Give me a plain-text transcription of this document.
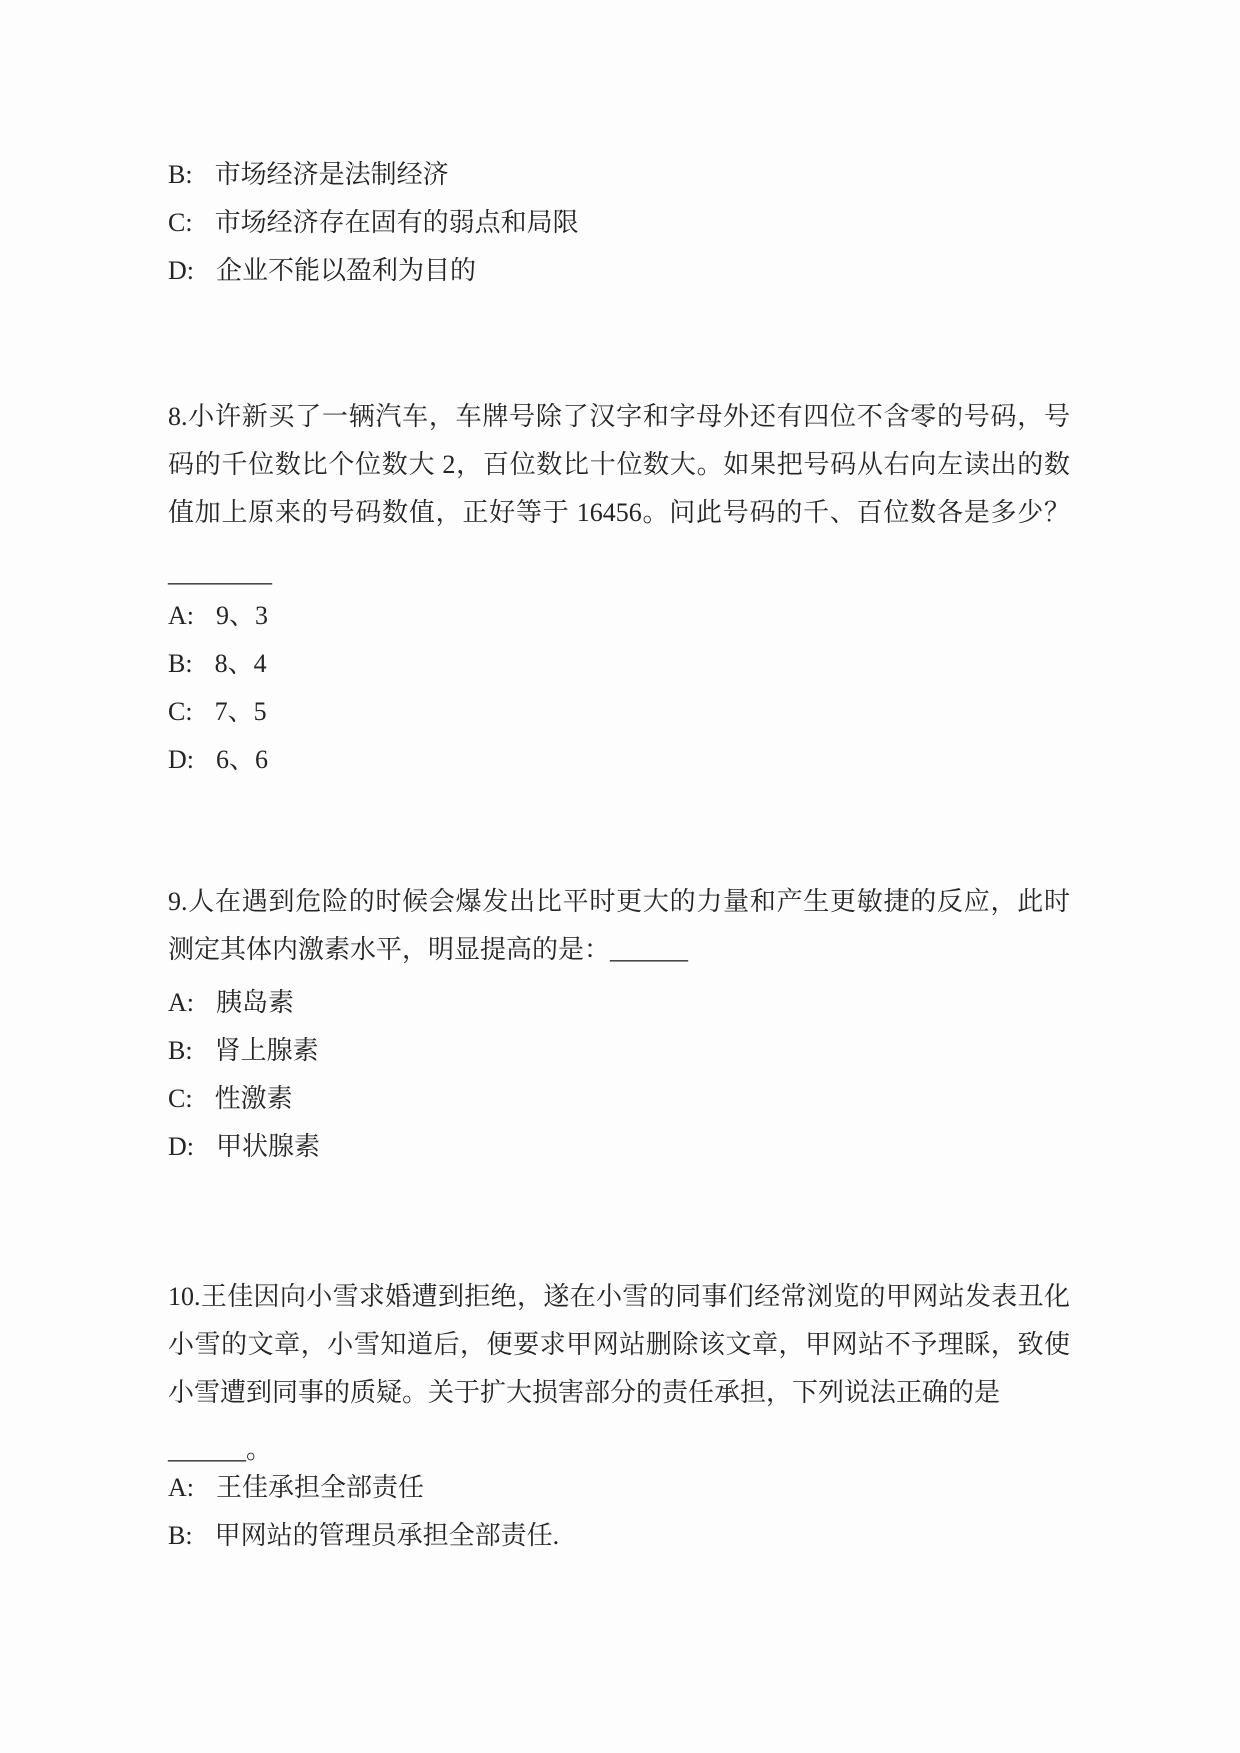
B: 市场经济是法制经济
C: 市场经济存在固有的弱点和局限
D: 企业不能以盈利为目的
8.小许新买了一辆汽车，车牌号除了汉字和字母外还有四位不含零的号码，号
码的千位数比个位数大 2，百位数比十位数大。如果把号码从右向左读出的数
值加上原来的号码数值，正好等于 16456。问此号码的千、百位数各是多少？
________
A: 9、3
B: 8、4
C: 7、5
D: 6、6
9.人在遇到危险的时候会爆发出比平时更大的力量和产生更敏捷的反应，此时
测定其体内激素水平，明显提高的是：______
A: 胰岛素
B: 肾上腺素
C: 性激素
D: 甲状腺素
10.王佳因向小雪求婚遭到拒绝，遂在小雪的同事们经常浏览的甲网站发表丑化
小雪的文章，小雪知道后，便要求甲网站删除该文章，甲网站不予理睬，致使
小雪遭到同事的质疑。关于扩大损害部分的责任承担，下列说法正确的是
______。
A: 王佳承担全部责任
B: 甲网站的管理员承担全部责任.
